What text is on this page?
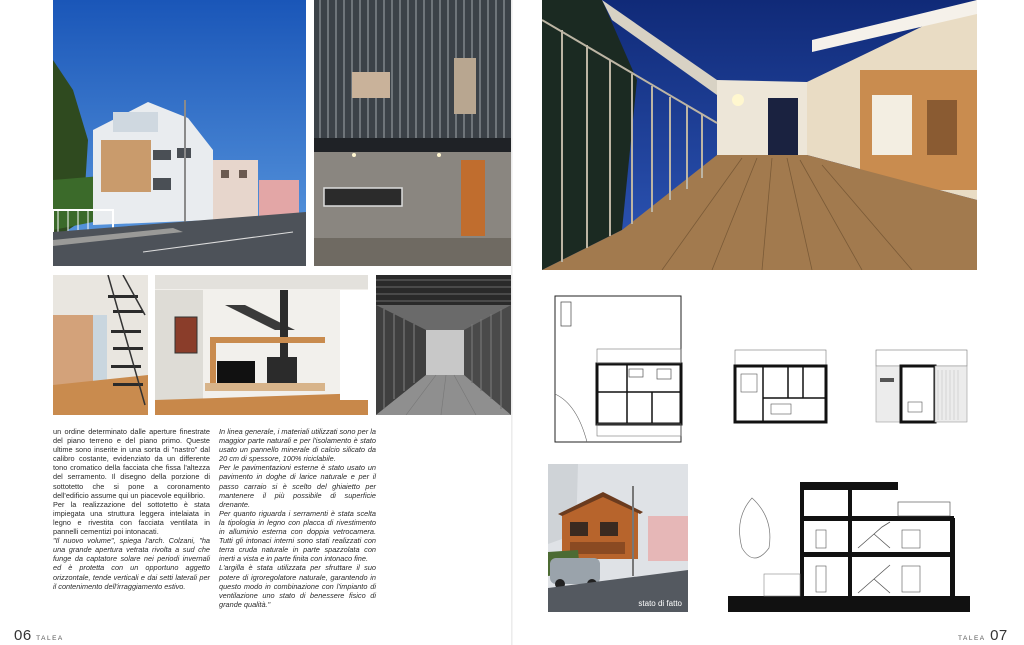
un ordine determinato dalle aperture finestrate del piano terreno e del piano primo. Queste ultime sono inserite in una sorta di "nastro" dal calibro costante, evidenziato da un differente tono cromatico della facciata che fissa l'altezza del serramento. Il disegno della porzione di sottotetto che si pone a coronamento dell'edificio assume qui un piacevole equilibrio.

Per la realizzazione del sottotetto è stata impiegata una struttura leggera intelaiata in legno e rivestita con facciata ventilata in pannelli cementizi poi intonacati.

"Il nuovo volume", spiega l'arch. Colzani, "ha una grande apertura vetrata rivolta a sud che funge da captatore solare nei periodi invernali ed è protetta con un opportuno aggetto orizzontale, tende verticali e dai setti laterali per il contenimento dell'irraggiamento estivo.

In linea generale, i materiali utilizzati sono per la maggior parte naturali e per l'isolamento è stato usato un pannello minerale di calcio silicato da 20 cm di spessore, 100% riciclabile.

Per le pavimentazioni esterne è stato usato un pavimento in doghe di larice naturale e per il passo carraio si è scelto del ghiaietto per mantenere il più possibile di superficie drenante.

Per quanto riguarda i serramenti è stata scelta la tipologia in legno con placca di rivestimento in alluminio esterna con doppia vetrocamera. Tutti gli intonaci interni sono stati realizzati con terra cruda naturale in parte spazzolata con inerti a vista e in parte finita con intonaco fine.

L'argilla è stata utilizzata per sfruttare il suo potere di igroregolatore naturale, garantendo in questo modo in combinazione con l'impianto di ventilazione uno stato di benessere fisico di grande qualità."

06 TALEA
stato di fatto
TALEA 07
